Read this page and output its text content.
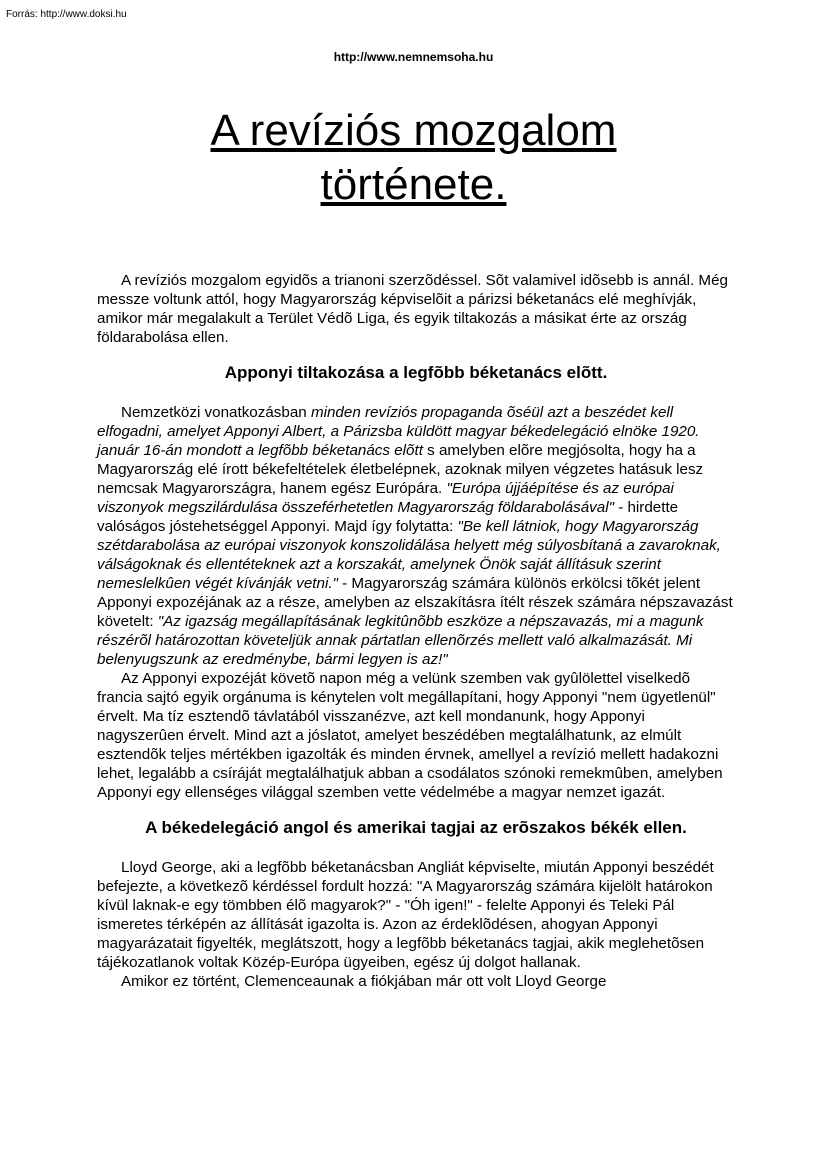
Forrás: http://www.doksi.hu
http://www.nemnemsoha.hu
A revíziós mozgalom
története.

A revíziós mozgalom egyidõs a trianoni szerzõdéssel. Sõt valamivel idõsebb is annál. Még messze voltunk attól, hogy Magyarország képviselõit a párizsi béketanács elé meghívják, amikor már megalakult a Terület Védõ Liga, és egyik tiltakozás a másikat érte az ország földarabolása ellen.

Apponyi tiltakozása a legfõbb béketanács elõtt.

Nemzetközi vonatkozásban minden revíziós propaganda õséül azt a beszédet kell elfogadni, amelyet Apponyi Albert, a Párizsba küldött magyar békedelegáció elnöke 1920. január 16-án mondott a legfõbb béketanács elõtt s amelyben elõre megjósolta, hogy ha a Magyarország elé írott békefeltételek életbelépnek, azoknak milyen végzetes hatásuk lesz nemcsak Magyarországra, hanem egész Európára. "Európa újjáépítése és az európai viszonyok megszilárdulása összeférhetetlen Magyarország földarabolásával" - hirdette valóságos jóstehetséggel Apponyi. Majd így folytatta: "Be kell látniok, hogy Magyarország szétdarabolása az európai viszonyok konszolidálása helyett még súlyosbítaná a zavaroknak, válságoknak és ellentéteknek azt a korszakát, amelynek Önök saját állításuk szerint nemeslelkûen végét kívánják vetni." - Magyarország számára különös erkölcsi tõkét jelent Apponyi expozéjának az a része, amelyben az elszakításra ítélt részek számára népszavazást követelt: "Az igazság megállapításának legkitûnõbb eszköze a népszavazás, mi a magunk részérõl határozottan követeljük annak pártatlan ellenõrzés mellett való alkalmazását. Mi belenyugszunk az eredménybe, bármi legyen is az!"

Az Apponyi expozéját követõ napon még a velünk szemben vak gyûlölettel viselkedõ francia sajtó egyik orgánuma is kénytelen volt megállapítani, hogy Apponyi "nem ügyetlenül" érvelt. Ma tíz esztendõ távlatából visszanézve, azt kell mondanunk, hogy Apponyi nagyszerûen érvelt. Mind azt a jóslatot, amelyet beszédében megtalálhatunk, az elmúlt esztendõk teljes mértékben igazolták és minden érvnek, amellyel a revízió mellett hadakozni lehet, legalább a csíráját megtalálhatjuk abban a csodálatos szónoki remekmûben, amelyben Apponyi egy ellenséges világgal szemben vette védelmébe a magyar nemzet igazát.

A békedelegáció angol és amerikai tagjai az erõszakos békék ellen.

Lloyd George, aki a legfõbb béketanácsban Angliát képviselte, miután Apponyi beszédét befejezte, a következõ kérdéssel fordult hozzá: "A Magyarország számára kijelölt határokon kívül laknak-e egy tömbben élõ magyarok?" - "Óh igen!" - felelte Apponyi és Teleki Pál ismeretes térképén az állítását igazolta is. Azon az érdeklõdésen, ahogyan Apponyi magyarázatait figyelték, meglátszott, hogy a legfõbb béketanács tagjai, akik meglehetõsen tájékozatlanok voltak Közép-Európa ügyeiben, egész új dolgot hallanak.

Amikor ez történt, Clemenceaunak a fiókjában már ott volt Lloyd George
